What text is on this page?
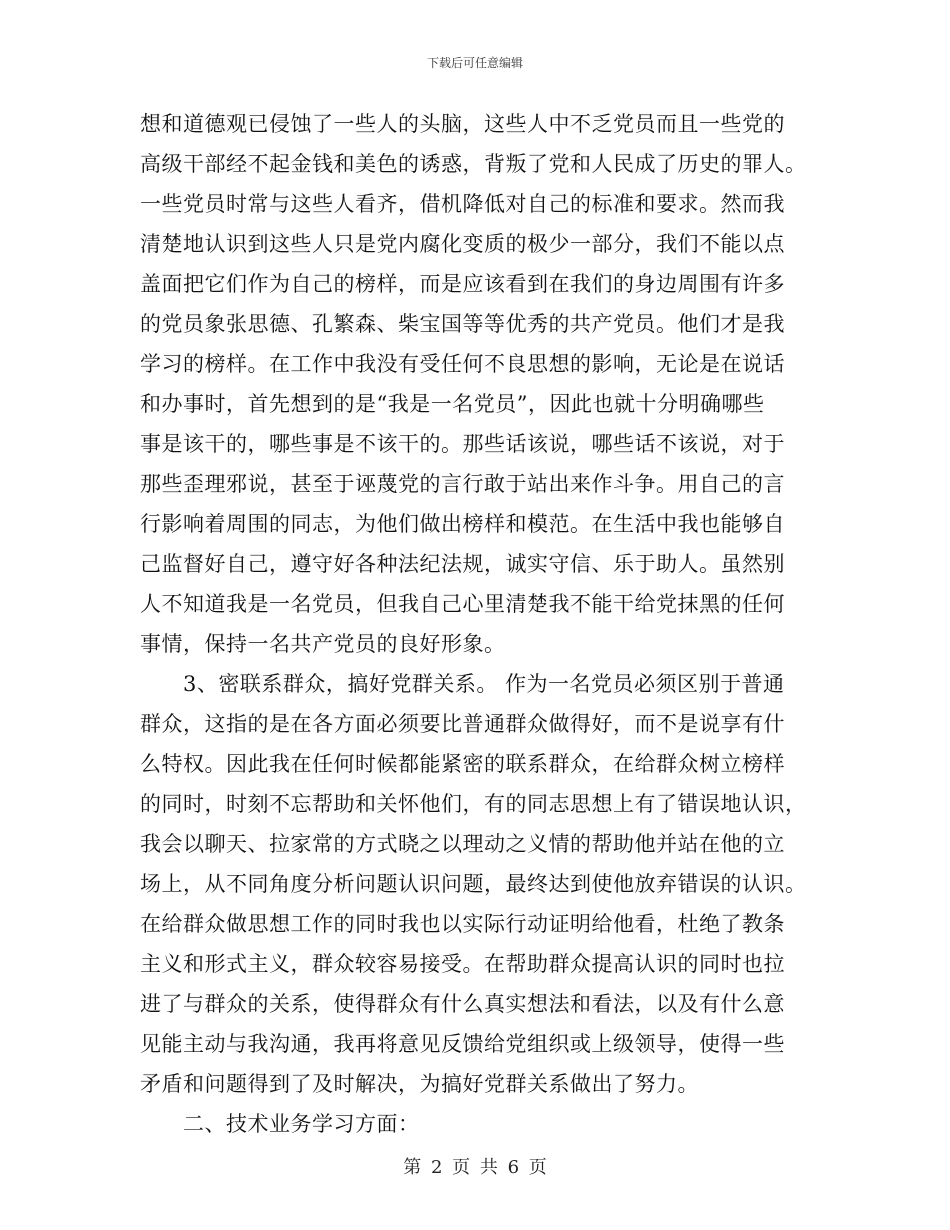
下载后可任意编辑
想和道德观已侵蚀了一些人的头脑，这些人中不乏党员而且一些党的
高级干部经不起金钱和美色的诱惑，背叛了党和人民成了历史的罪人。
一些党员时常与这些人看齐，借机降低对自己的标准和要求。然而我
清楚地认识到这些人只是党内腐化变质的极少一部分，我们不能以点
盖面把它们作为自己的榜样，而是应该看到在我们的身边周围有许多
的党员象张思德、孔繁森、柴宝国等等优秀的共产党员。他们才是我
学习的榜样。在工作中我没有受任何不良思想的影响，无论是在说话
和办事时，首先想到的是“我是一名党员”，因此也就十分明确哪些
事是该干的，哪些事是不该干的。那些话该说，哪些话不该说，对于
那些歪理邪说，甚至于诬蔑党的言行敢于站出来作斗争。用自己的言
行影响着周围的同志，为他们做出榜样和模范。在生活中我也能够自
己监督好自己，遵守好各种法纪法规，诚实守信、乐于助人。虽然别
人不知道我是一名党员，但我自己心里清楚我不能干给党抹黑的任何
事情，保持一名共产党员的良好形象。
　　3、密联系群众，搞好党群关系。 作为一名党员必须区别于普通
群众，这指的是在各方面必须要比普通群众做得好，而不是说享有什
么特权。因此我在任何时候都能紧密的联系群众，在给群众树立榜样
的同时，时刻不忘帮助和关怀他们，有的同志思想上有了错误地认识，
我会以聊天、拉家常的方式晓之以理动之义情的帮助他并站在他的立
场上，从不同角度分析问题认识问题，最终达到使他放弃错误的认识。
在给群众做思想工作的同时我也以实际行动证明给他看，杜绝了教条
主义和形式主义，群众较容易接受。在帮助群众提高认识的同时也拉
进了与群众的关系，使得群众有什么真实想法和看法，以及有什么意
见能主动与我沟通，我再将意见反馈给党组织或上级领导，使得一些
矛盾和问题得到了及时解决，为搞好党群关系做出了努力。
　　二、技术业务学习方面：
第 2 页 共 6 页
